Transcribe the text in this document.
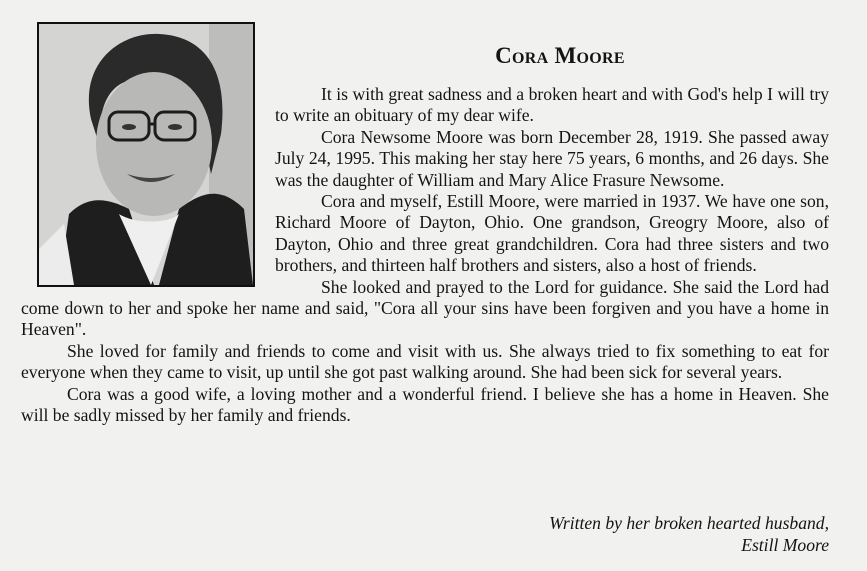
Cora Moore

It is with great sadness and a broken heart and with God's help I will try to write an obituary of my dear wife.

Cora Newsome Moore was born December 28, 1919. She passed away July 24, 1995. This making her stay here 75 years, 6 months, and 26 days. She was the daughter of William and Mary Alice Frasure Newsome.

Cora and myself, Estill Moore, were married in 1937. We have one son, Richard Moore of Dayton, Ohio. One grandson, Greogry Moore, also of Dayton, Ohio and three great grandchildren. Cora had three sisters and two brothers, and thirteen half brothers and sisters, also a host of friends.

She looked and prayed to the Lord for guidance. She said the Lord had come down to her and spoke her name and said, "Cora all your sins have been forgiven and you have a home in Heaven".

She loved for family and friends to come and visit with us. She always tried to fix something to eat for everyone when they came to visit, up until she got past walking around. She had been sick for several years.

Cora was a good wife, a loving mother and a wonderful friend. I believe she has a home in Heaven. She will be sadly missed by her family and friends.

Written by her broken hearted husband,
Estill Moore
